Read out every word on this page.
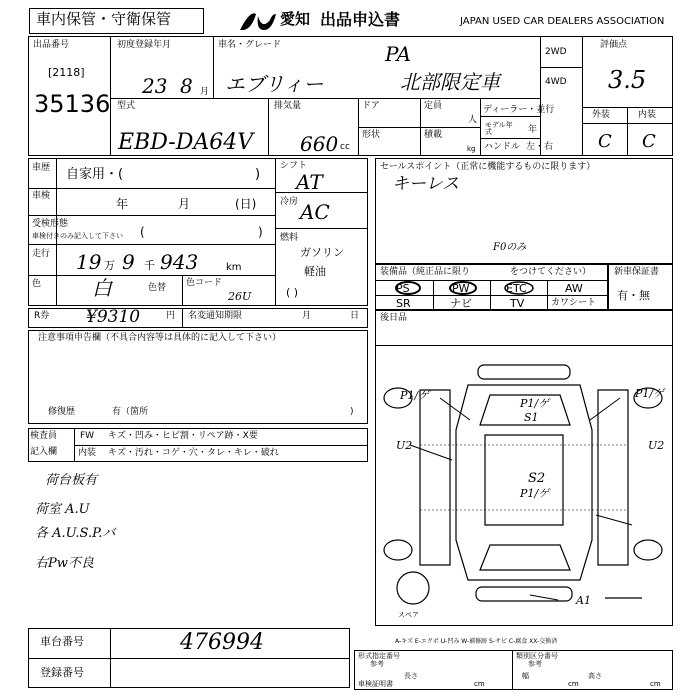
車内保管・守衛保管	愛知 出品申込書	JAPAN USED CAR DEALERS ASSOCIATION
出品番号
[2118]
35136
初度登録年月
23 8 月
車名・グレード	PA
エブリィー	北部限定車
2WD
4WD
評価点
3.5
外装	内装
C C
型式
EBD-DA64V
排気量
660 cc
ドア
形状
定員
人
積載
kg
ディーラー・並行
モデル年式	年
ハンドル 左・右
車歴 自家用・(	)
車検
年	月	(日)
受検形態
車検付きのみ記入して下さい (	)
走行 19 万 9 千 943	km
色	白	色替 色コード
26U
シフト
AT
冷房 AC
燃料
ガソリン
軽油
( )
セールスポイント（正常に機能するものに限ります）
キーレス
装備品（純正品に限り	をつけてください）
F0のみ
PS	PW	ETC	AW
SR	ナビ	TV	カワシート
新車保証書
有・無
R券 ¥9310	円 名変通知期限	月	日
注意事項申告欄（不具合内容等は具体的に記入して下さい）
修復歴	有（箇所	)
後日品
P1/ゲ	P1/ゲ
P1/ゲ
S1
U2	U2
S2
P1/ゲ
A1
スペア
A-キズ E-エクボ U-凹み W-補修跡 S-サビ C-腐食 XX-交換済
検査員
記入欄
FW キズ・凹み・ヒビ割・リペア跡・X要
内装 キズ・汚れ・コゲ・穴・タレ・キレ・破れ
荷台板有
荷室 A.U
各 A.U.S.P.バ
右Pw不良
車台番号	476994
登録番号
形式指定番号
参考
類別区分番号
参考
長さ	幅	高さ
車検証明書	cm	cm	cm
